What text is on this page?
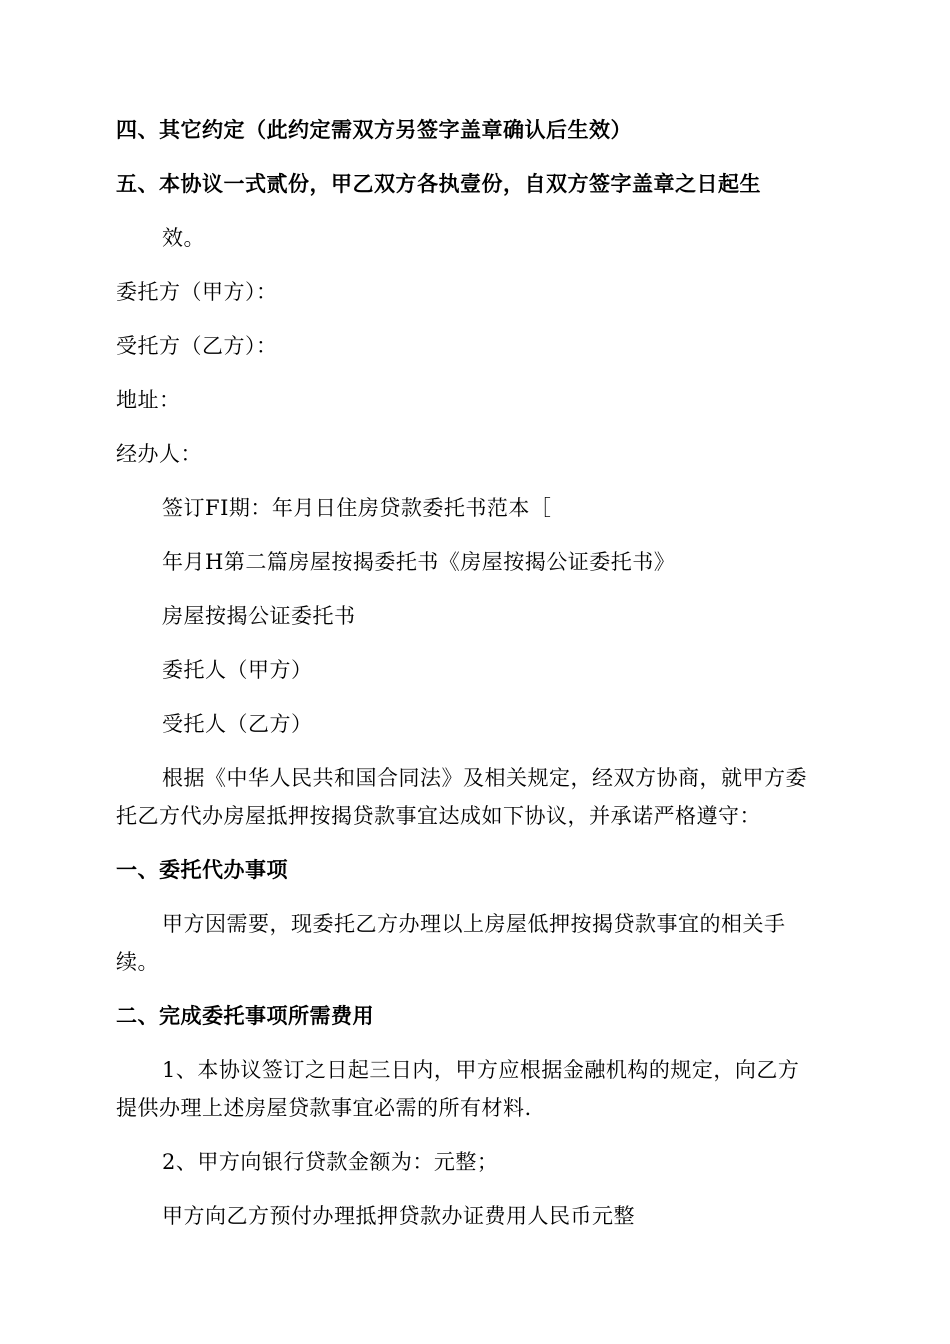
四、其它约定（此约定需双方另签字盖章确认后生效）

五、本协议一式贰份，甲乙双方各执壹份，自双方签字盖章之日起生

效。

委托方（甲方）：

受托方（乙方）：

地址：

经办人：

签订FI期：年月日住房贷款委托书范本［

年月H第二篇房屋按揭委托书《房屋按揭公证委托书》

房屋按揭公证委托书

委托人（甲方）

受托人（乙方）

根据《中华人民共和国合同法》及相关规定，经双方协商，就甲方委

托乙方代办房屋抵押按揭贷款事宜达成如下协议，并承诺严格遵守：

一、委托代办事项

甲方因需要，现委托乙方办理以上房屋低押按揭贷款事宜的相关手

续。

二、完成委托事项所需费用

1、本协议签订之日起三日内，甲方应根据金融机构的规定，向乙方

提供办理上述房屋贷款事宜必需的所有材料.

2、甲方向银行贷款金额为：元整；

甲方向乙方预付办理抵押贷款办证费用人民币元整
